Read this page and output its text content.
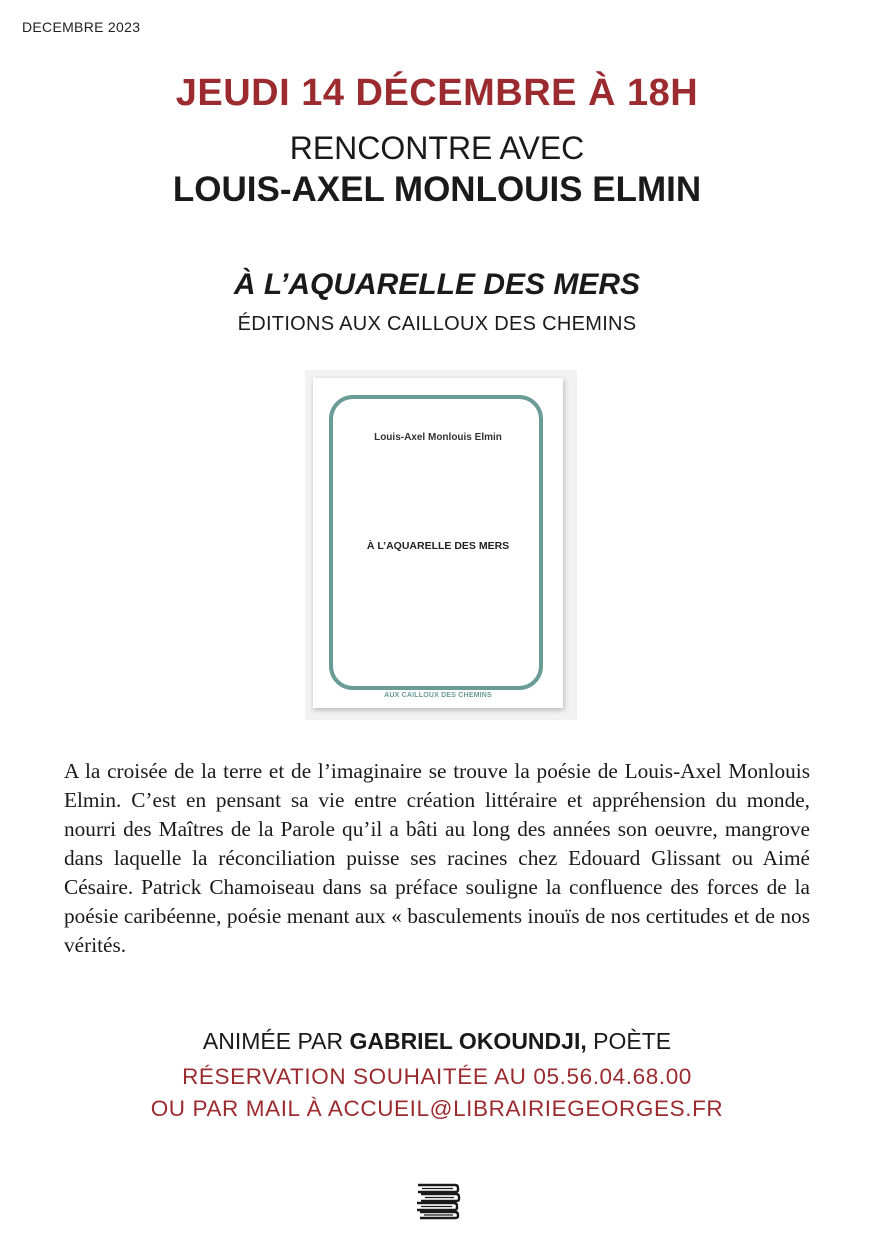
DECEMBRE 2023
JEUDI 14 DÉCEMBRE À 18H
RENCONTRE AVEC
LOUIS-AXEL MONLOUIS ELMIN
À L’AQUARELLE DES MERS
ÉDITIONS AUX CAILLOUX DES CHEMINS
Louis-Axel Monlouis Elmin
À L’AQUARELLE DES MERS
AUX CAILLOUX DES CHEMINS
A la croisée de la terre et de l’imaginaire se trouve la poésie de Louis-Axel Monlouis Elmin. C’est en pensant sa vie entre création littéraire et appréhension du monde, nourri des Maîtres de la Parole qu’il a bâti au long des années son oeuvre, mangrove dans laquelle la réconciliation puisse ses racines chez Edouard Glissant ou Aimé Césaire. Patrick Chamoiseau dans sa préface souligne la confluence des forces de la poésie caribéenne, poésie menant aux « basculements inouïs de nos certitudes et de nos vérités.
ANIMÉE PAR GABRIEL OKOUNDJI, POÈTE
RÉSERVATION SOUHAITÉE AU 05.56.04.68.00
OU PAR MAIL À ACCUEIL@LIBRAIRIEGEORGES.FR
